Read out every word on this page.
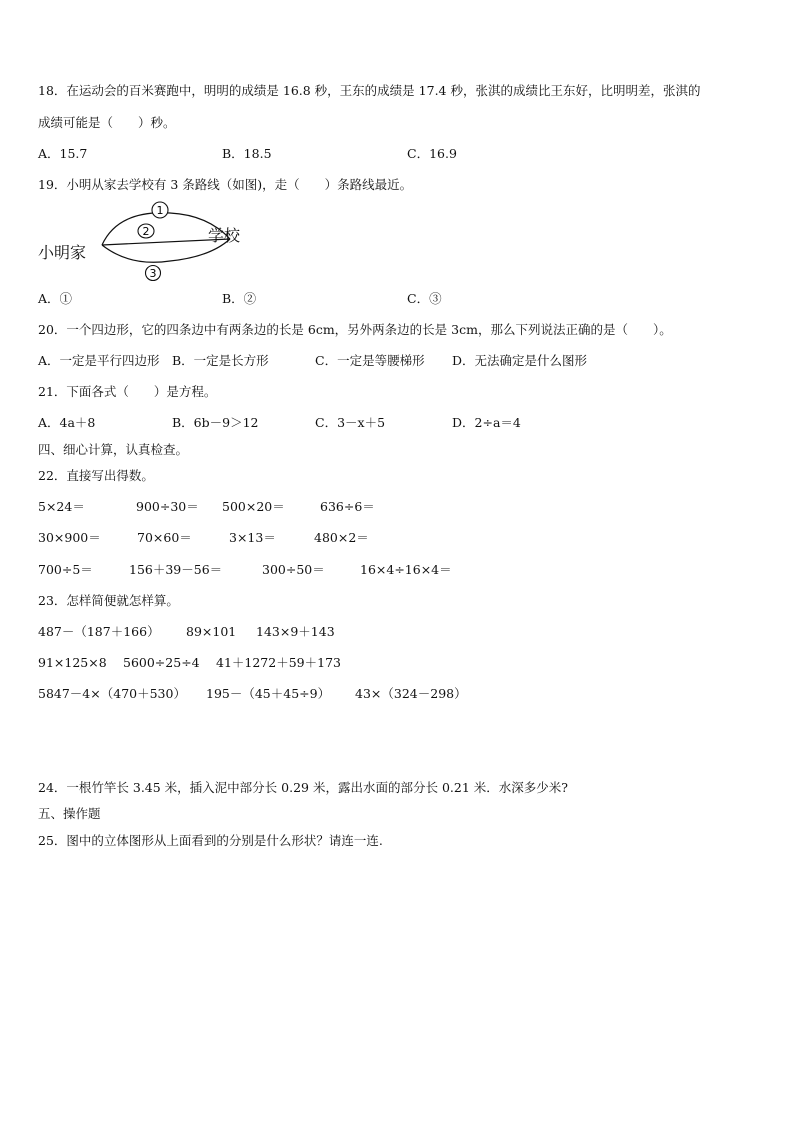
18．在运动会的百米赛跑中，明明的成绩是 16.8 秒，王东的成绩是 17.4 秒，张淇的成绩比王东好，比明明差，张淇的
成绩可能是（　　）秒。
A．15.7	B．18.5	C．16.9
19．小明从家去学校有 3 条路线（如图)，走（　　）条路线最近。
1
2
3
小明家
学校
A．①	B．②	C．③
20．一个四边形，它的四条边中有两条边的长是 6cm，另外两条边的长是 3cm，那么下列说法正确的是（　　）。
A．一定是平行四边形 B．一定是长方形	C．一定是等腰梯形 D．无法确定是什么图形
21．下面各式（　　）是方程。
A．4a＋8	B．6b－9＞12	C．3－x＋5	D．2÷a＝4
四、细心计算，认真检查。
22．直接写出得数。
5×24＝	900÷30＝ 500×20＝	636÷6＝
30×900＝	70×60＝	3×13＝	480×2＝
700÷5＝	156＋39－56＝	300÷50＝	16×4÷16×4＝
23．怎样简便就怎样算。
487－（187＋166） 89×101 143×9＋143
91×125×8 5600÷25÷4 41＋1272＋59＋173
5847－4×（470＋530） 195－（45＋45÷9） 43×（324－298）
24．一根竹竿长 3.45 米，插入泥中部分长 0.29 米，露出水面的部分长 0.21 米．水深多少米?
五、操作题
25．图中的立体图形从上面看到的分别是什么形状？请连一连.
